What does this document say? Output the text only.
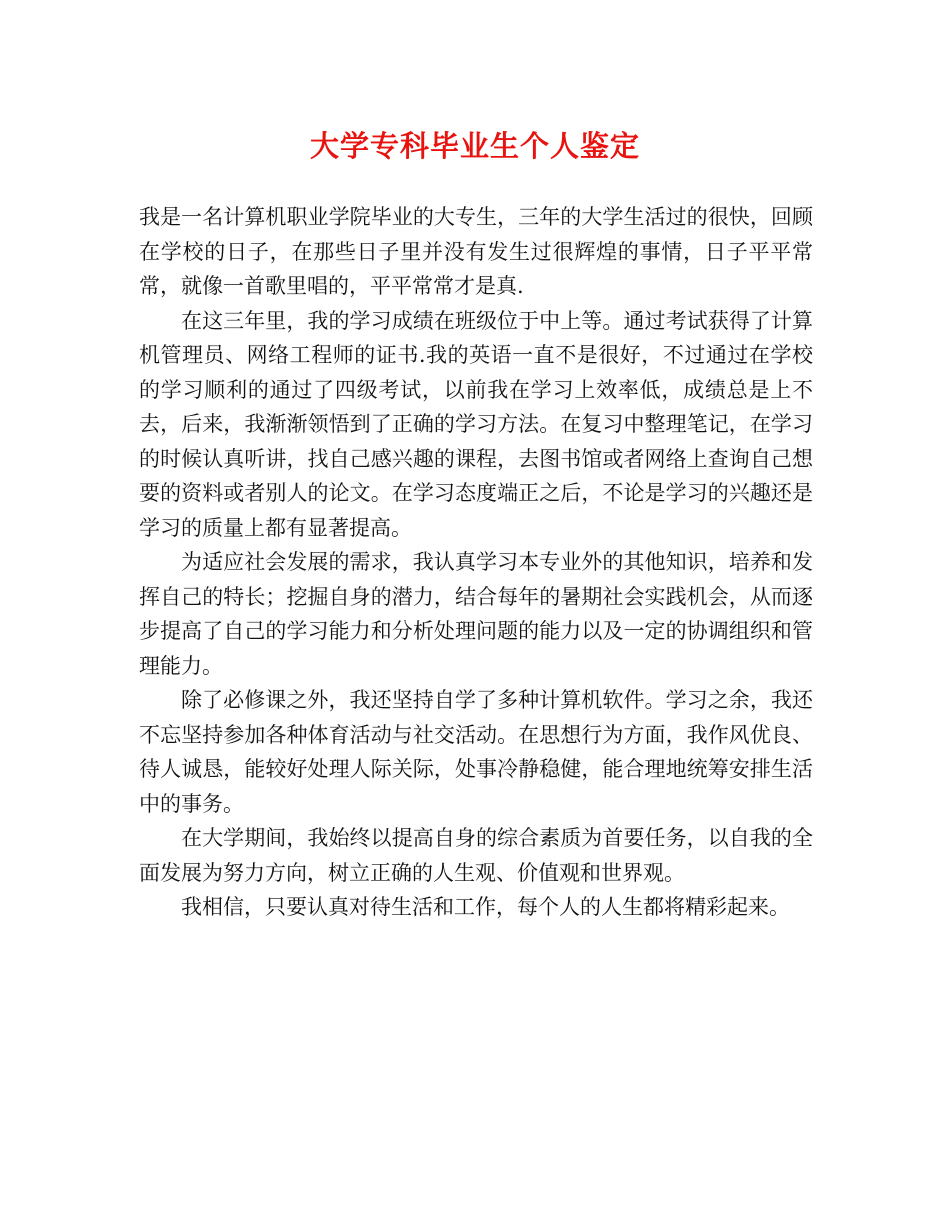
大学专科毕业生个人鉴定

我是一名计算机职业学院毕业的大专生，三年的大学生活过的很快，回顾在学校的日子，在那些日子里并没有发生过很辉煌的事情，日子平平常常，就像一首歌里唱的，平平常常才是真.

在这三年里，我的学习成绩在班级位于中上等。通过考试获得了计算机管理员、网络工程师的证书.我的英语一直不是很好，不过通过在学校的学习顺利的通过了四级考试，以前我在学习上效率低，成绩总是上不去，后来，我渐渐领悟到了正确的学习方法。在复习中整理笔记，在学习的时候认真听讲，找自己感兴趣的课程，去图书馆或者网络上查询自己想要的资料或者别人的论文。在学习态度端正之后，不论是学习的兴趣还是学习的质量上都有显著提高。

为适应社会发展的需求，我认真学习本专业外的其他知识，培养和发挥自己的特长；挖掘自身的潜力，结合每年的暑期社会实践机会，从而逐步提高了自己的学习能力和分析处理问题的能力以及一定的协调组织和管理能力。

除了必修课之外，我还坚持自学了多种计算机软件。学习之余，我还不忘坚持参加各种体育活动与社交活动。在思想行为方面，我作风优良、待人诚恳，能较好处理人际关际，处事冷静稳健，能合理地统筹安排生活中的事务。

在大学期间，我始终以提高自身的综合素质为首要任务，以自我的全面发展为努力方向，树立正确的人生观、价值观和世界观。

我相信，只要认真对待生活和工作，每个人的人生都将精彩起来。
